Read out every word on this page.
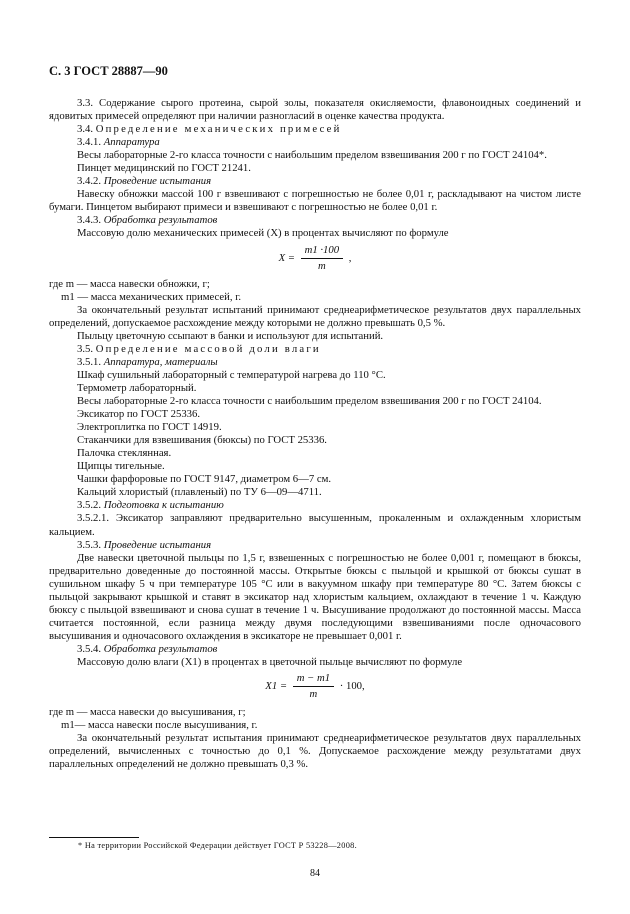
С. 3 ГОСТ 28887—90

3.3. Содержание сырого протеина, сырой золы, показателя окисляемости, флавоноидных соединений и ядовитых примесей определяют при наличии разногласий в оценке качества продукта.

3.4. Определение механических примесей

3.4.1. Аппаратура

Весы лабораторные 2-го класса точности с наибольшим пределом взвешивания 200 г по ГОСТ 24104*.

Пинцет медицинский по ГОСТ 21241.

3.4.2. Проведение испытания

Навеску обножки массой 100 г взвешивают с погрешностью не более 0,01 г, раскладывают на чистом листе бумаги. Пинцетом выбирают примеси и взвешивают с погрешностью не более 0,01 г.

3.4.3. Обработка результатов

Массовую долю механических примесей (X) в процентах вычисляют по формуле

$X = \frac{m1 \cdot 100}{m}$ ,

где m — масса навески обножки, г;

m1 — масса механических примесей, г.

За окончательный результат испытаний принимают среднеарифметическое результатов двух параллельных определений, допускаемое расхождение между которыми не должно превышать 0,5 %.

Пыльцу цветочную ссыпают в банки и используют для испытаний.

3.5. Определение массовой доли влаги

3.5.1. Аппаратура, материалы

Шкаф сушильный лабораторный с температурой нагрева до 110 °С.

Термометр лабораторный.

Весы лабораторные 2-го класса точности с наибольшим пределом взвешивания 200 г по ГОСТ 24104.

Эксикатор по ГОСТ 25336.

Электроплитка по ГОСТ 14919.

Стаканчики для взвешивания (бюксы) по ГОСТ 25336.

Палочка стеклянная.

Щипцы тигельные.

Чашки фарфоровые по ГОСТ 9147, диаметром 6—7 см.

Кальций хлористый (плавленый) по ТУ 6—09—4711.

3.5.2. Подготовка к испытанию

3.5.2.1. Эксикатор заправляют предварительно высушенным, прокаленным и охлажденным хлористым кальцием.

3.5.3. Проведение испытания

Две навески цветочной пыльцы по 1,5 г, взвешенных с погрешностью не более 0,001 г, помещают в бюксы, предварительно доведенные до постоянной массы. Открытые бюксы с пыльцой и крышкой от бюксы сушат в сушильном шкафу 5 ч при температуре 105 °С или в вакуумном шкафу при температуре 80 °С. Затем бюксы с пыльцой закрывают крышкой и ставят в эксикатор над хлористым кальцием, охлаждают в течение 1 ч. Каждую бюксу с пыльцой взвешивают и снова сушат в течение 1 ч. Высушивание продолжают до постоянной массы. Масса считается постоянной, если разница между двумя последующими взвешиваниями после одночасового высушивания и одночасового охлаждения в эксикаторе не превышает 0,001 г.

3.5.4. Обработка результатов

Массовую долю влаги (X1) в процентах в цветочной пыльце вычисляют по формуле

$X1 = \frac{m - m1}{m} \cdot 100$,

где m — масса навески до высушивания, г;

m1— масса навески после высушивания, г.

За окончательный результат испытания принимают среднеарифметическое результатов двух параллельных определений, вычисленных с точностью до 0,1 %. Допускаемое расхождение между результатами двух параллельных определений не должно превышать 0,3 %.

* На территории Российской Федерации действует ГОСТ Р 53228—2008.
84
